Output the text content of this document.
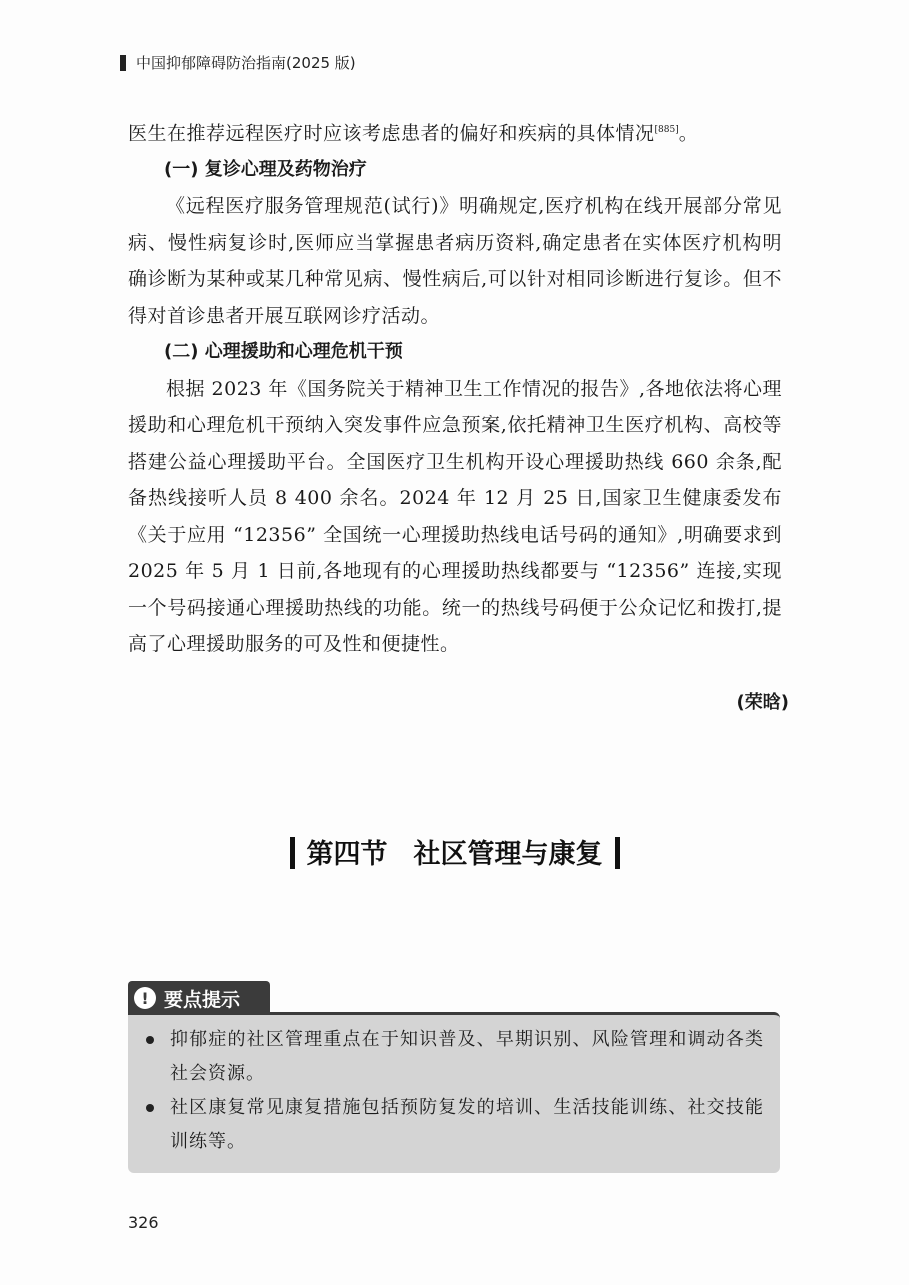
中国抑郁障碍防治指南(2025 版)

医生在推荐远程医疗时应该考虑患者的偏好和疾病的具体情况[885]。

(一) 复诊心理及药物治疗

《远程医疗服务管理规范(试行)》明确规定,医疗机构在线开展部分常见病、慢性病复诊时,医师应当掌握患者病历资料,确定患者在实体医疗机构明确诊断为某种或某几种常见病、慢性病后,可以针对相同诊断进行复诊。但不得对首诊患者开展互联网诊疗活动。

(二) 心理援助和心理危机干预

根据 2023 年《国务院关于精神卫生工作情况的报告》,各地依法将心理援助和心理危机干预纳入突发事件应急预案,依托精神卫生医疗机构、高校等搭建公益心理援助平台。全国医疗卫生机构开设心理援助热线 660 余条,配备热线接听人员 8 400 余名。2024 年 12 月 25 日,国家卫生健康委发布《关于应用 “12356” 全国统一心理援助热线电话号码的通知》,明确要求到 2025 年 5 月 1 日前,各地现有的心理援助热线都要与 “12356” 连接,实现一个号码接通心理援助热线的功能。统一的热线号码便于公众记忆和拨打,提高了心理援助服务的可及性和便捷性。

(荣晗)
第四节 社区管理与康复
! 要点提示
抑郁症的社区管理重点在于知识普及、早期识别、风险管理和调动各类社会资源。
社区康复常见康复措施包括预防复发的培训、生活技能训练、社交技能训练等。
326
